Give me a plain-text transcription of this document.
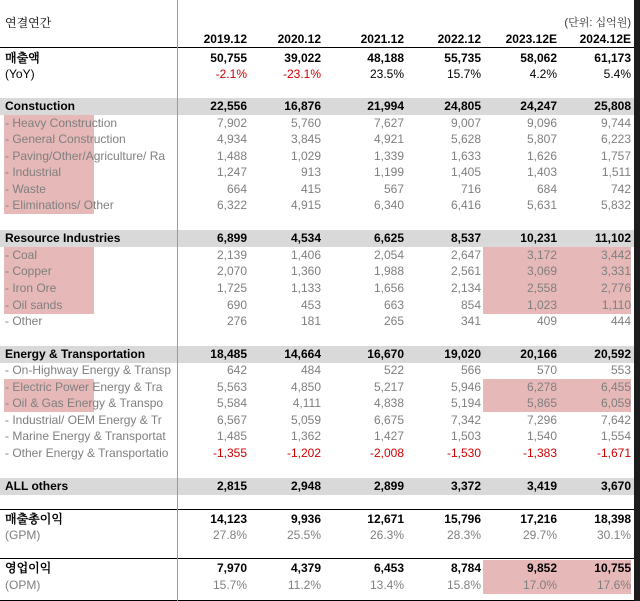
연결연간	(단위: 십억원)
2019.12	2020.12	2021.12	2022.12	2023.12E	2024.12E
매출액	50,755	39,022	48,188	55,735	58,062	61,173
(YoY)	-2.1%	-23.1%	23.5%	15.7%	4.2%	5.4%
Constuction	22,556	16,876	21,994	24,805	24,247	25,808
- Heavy Construction	7,902	5,760	7,627	9,007	9,096	9,744
- General Construction	4,934	3,845	4,921	5,628	5,807	6,223
- Paving/Other/Agriculture/ Ra	1,488	1,029	1,339	1,633	1,626	1,757
- Industrial	1,247	913	1,199	1,405	1,403	1,511
- Waste	664	415	567	716	684	742
- Eliminations/ Other	6,322	4,915	6,340	6,416	5,631	5,832
Resource Industries	6,899	4,534	6,625	8,537	10,231	11,102
- Coal	2,139	1,406	2,054	2,647	3,172	3,442
- Copper	2,070	1,360	1,988	2,561	3,069	3,331
- Iron Ore	1,725	1,133	1,656	2,134	2,558	2,776
- Oil sands	690	453	663	854	1,023	1,110
- Other	276	181	265	341	409	444
Energy & Transportation	18,485	14,664	16,670	19,020	20,166	20,592
- On-Highway Energy & Transp	642	484	522	566	570	553
- Electric Power Energy & Tra	5,563	4,850	5,217	5,946	6,278	6,455
- Oil & Gas Energy & Transpo	5,584	4,111	4,838	5,194	5,865	6,059
- Industrial/ OEM Energy & Tr	6,567	5,059	6,675	7,342	7,296	7,642
- Marine Energy & Transportat	1,485	1,362	1,427	1,503	1,540	1,554
- Other Energy & Transportatio	-1,355	-1,202	-2,008	-1,530	-1,383	-1,671
ALL others	2,815	2,948	2,899	3,372	3,419	3,670
매출총이익	14,123	9,936	12,671	15,796	17,216	18,398
(GPM)	27.8%	25.5%	26.3%	28.3%	29.7%	30.1%
영업이익	7,970	4,379	6,453	8,784	9,852	10,755
(OPM)	15.7%	11.2%	13.4%	15.8%	17.0%	17.6%
